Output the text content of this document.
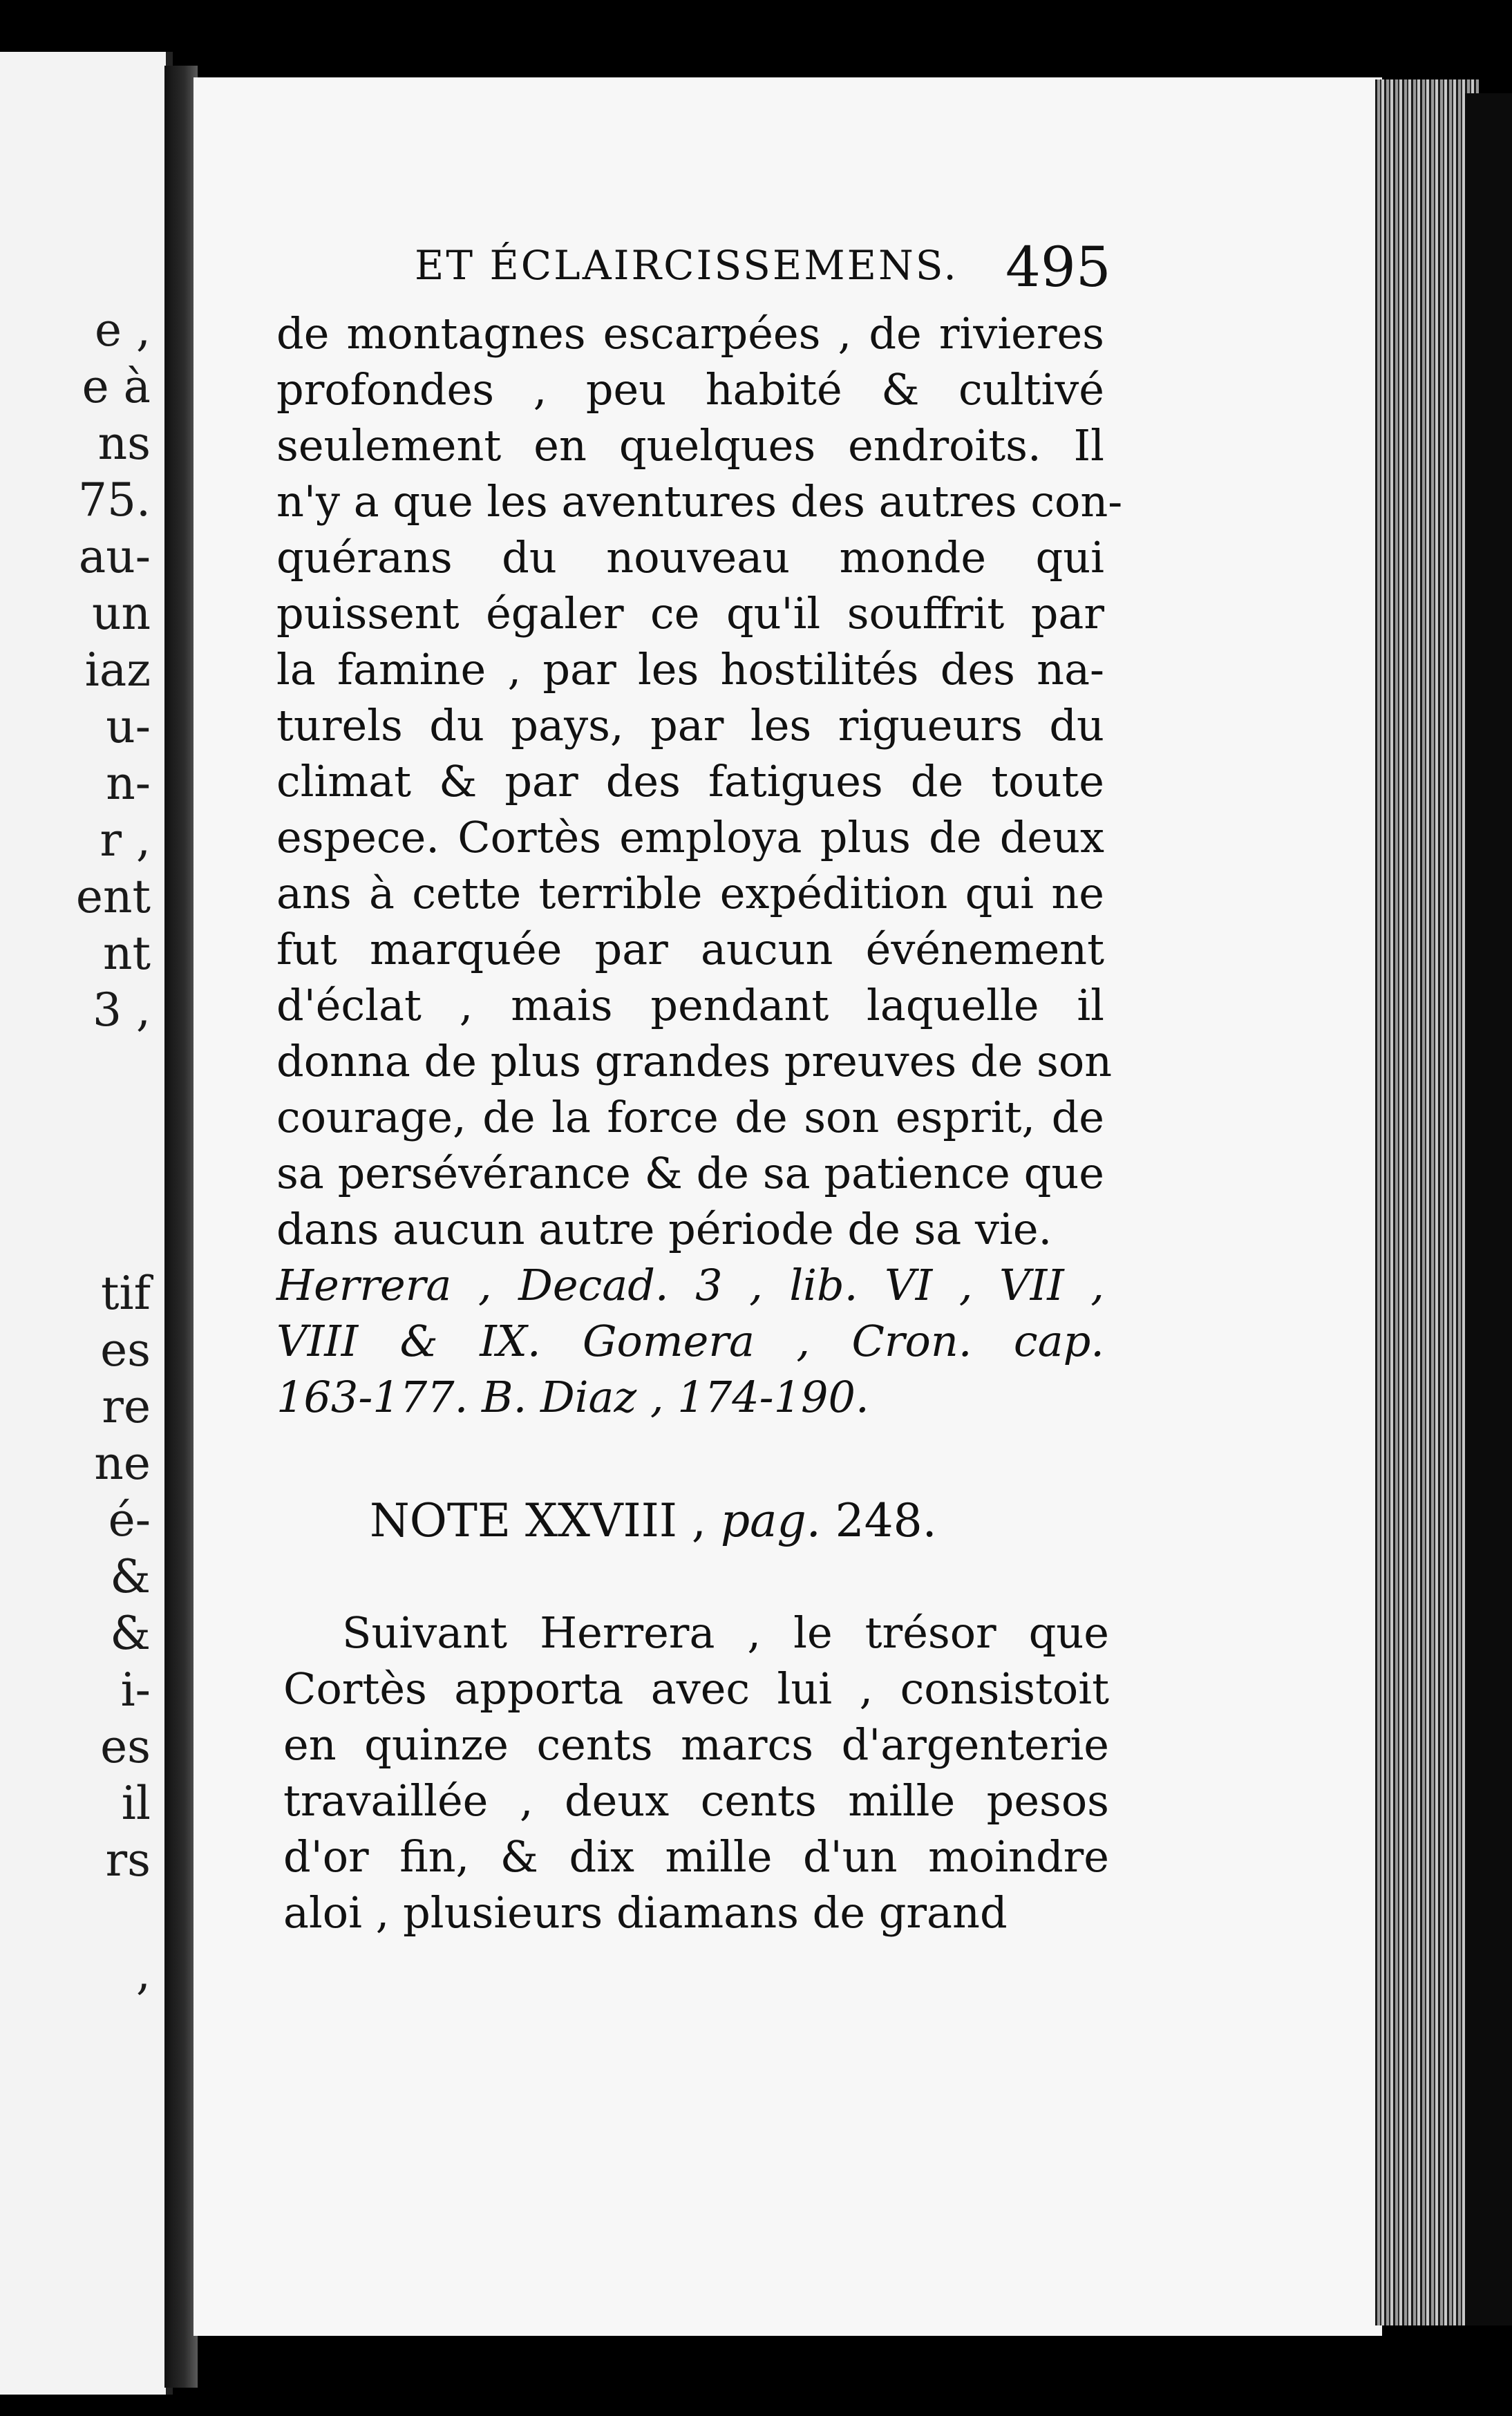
e ,
e à
ns
75.
au-
un
iaz
u-
n-
r ,
ent
nt
3 ,
tif
es
re
ne
é-
&
&
i-
es
il
rs
,
ET ÉCLAIRCISSEMENS. 495
de montagnes escarpées , de rivieres
profondes , peu habité & cultivé
seulement en quelques endroits. Il
n'y a que les aventures des autres con-
quérans du nouveau monde qui
puissent égaler ce qu'il souffrit par
la famine , par les hostilités des na-
turels du pays, par les rigueurs du
climat & par des fatigues de toute
espece. Cortès employa plus de deux
ans à cette terrible expédition qui ne
fut marquée par aucun événement
d'éclat , mais pendant laquelle il
donna de plus grandes preuves de son
courage, de la force de son esprit, de
sa persévérance & de sa patience que
dans aucun autre période de sa vie.
Herrera , Decad. 3 , lib. VI , VII ,
VIII & IX. Gomera , Cron. cap.
163-177. B. Diaz , 174-190.
NOTE XXVIII , pag. 248.
Suivant Herrera , le trésor que
Cortès apporta avec lui , consistoit
en quinze cents marcs d'argenterie
travaillée , deux cents mille pesos
d'or fin, & dix mille d'un moindre
aloi , plusieurs diamans de grand
